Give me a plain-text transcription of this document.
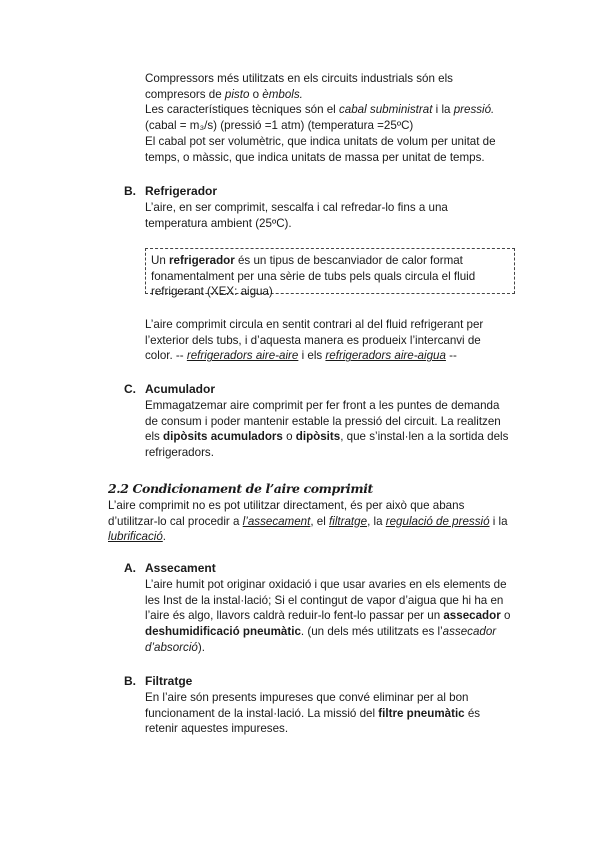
Compressors més utilitzats en els circuits industrials són els
compresors de pisto o èmbols.
Les característiques tècniques són el cabal subministrat i la pressió.
(cabal = m₃/s) (pressió =1 atm) (temperatura =25ºC)
El cabal pot ser volumètric, que indica unitats de volum per unitat de
temps, o màssic, que indica unitats de massa per unitat de temps.
B. Refrigerador
L’aire, en ser comprimit, sescalfa i cal refredar-lo fins a una
temperatura ambient (25ºC).
Un refrigerador és un tipus de bescanviador de calor format
fonamentalment per una sèrie de tubs pels quals circula el fluid
refrigerant (XEX: aigua)
L’aire comprimit circula en sentit contrari al del fluid refrigerant per
l’exterior dels tubs, i d’aquesta manera es produeix l’intercanvi de
color. -- refrigeradors aire-aire i els refrigeradors aire-aigua --
C. Acumulador
Emmagatzemar aire comprimit per fer front a les puntes de demanda
de consum i poder mantenir estable la pressió del circuit. La realitzen
els dipòsits acumuladors o dipòsits, que s’instal·len a la sortida dels
refrigeradors.
2.2 Condicionament de l’aire comprimit
L’aire comprimit no es pot utilitzar directament, és per això que abans
d’utilitzar-lo cal procedir a l’assecament, el filtratge, la regulació de pressió i la
lubrificació.
A. Assecament
L’aire humit pot originar oxidació i que usar avaries en els elements de
les Inst de la instal·lació; Si el contingut de vapor d’aigua que hi ha en
l’aire és algo, llavors caldrà reduir-lo fent-lo passar per un assecador o
deshumidificació pneumàtic. (un dels més utilitzats es l’assecador
d’absorció).
B. Filtratge
En l’aire són presents impureses que convé eliminar per al bon
funcionament de la instal·lació. La missió del filtre pneumàtic és
retenir aquestes impureses.
